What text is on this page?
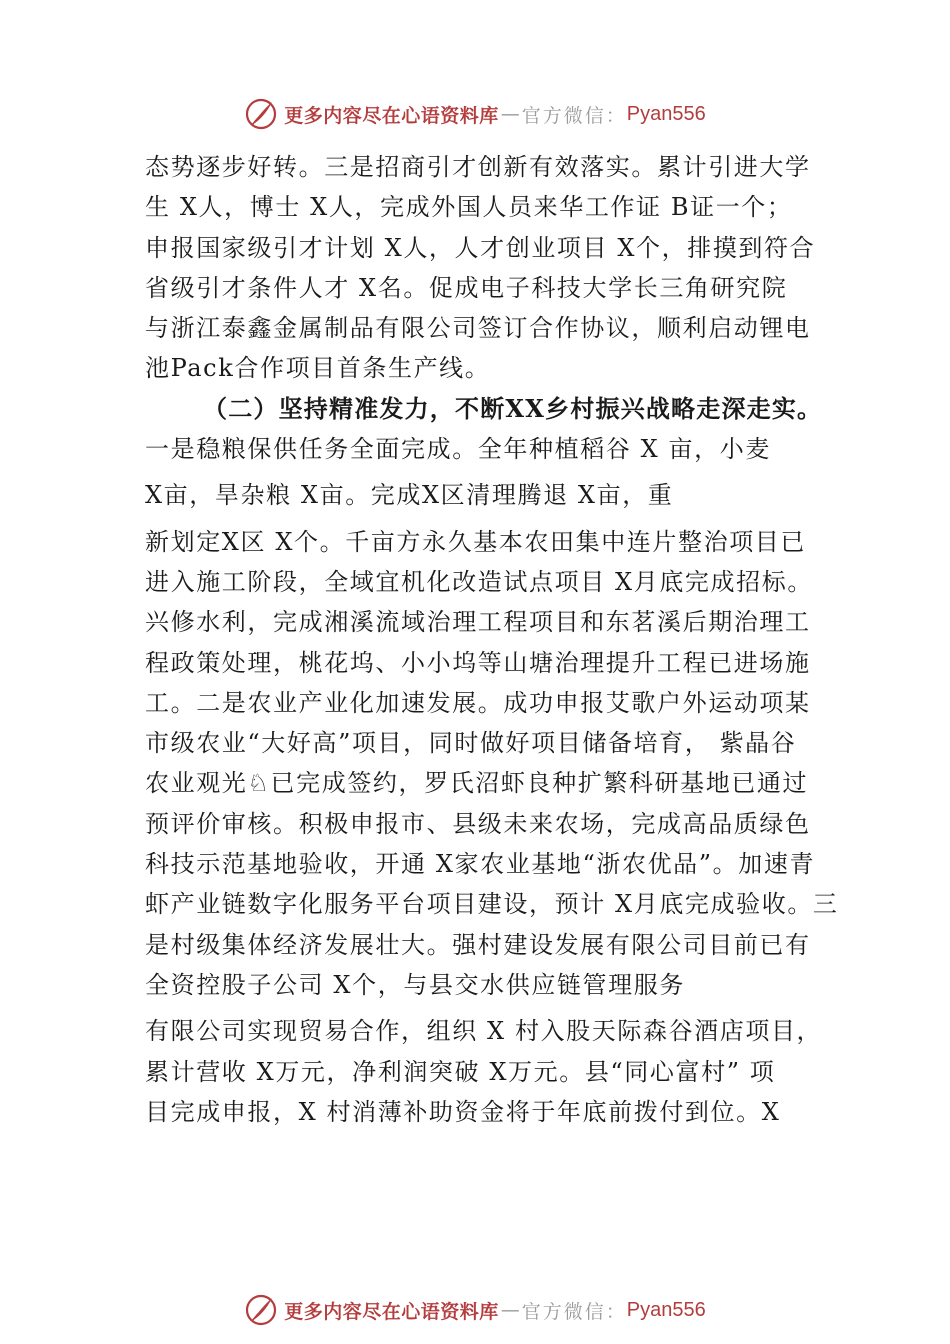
更多内容尽在心语资料库 — 官方微信： Pyan556
态势逐步好转。三是招商引才创新有效落实。累计引进大学
生 X人，博士 X人，完成外国人员来华工作证 B证一个；
申报国家级引才计划 X人，人才创业项目 X个，排摸到符合
省级引才条件人才 X名。促成电子科技大学长三角研究院
与浙江泰鑫金属制品有限公司签订合作协议，顺利启动锂电
池Pack合作项目首条生产线。
（二）坚持精准发力，不断XX乡村振兴战略走深走实。
一是稳粮保供任务全面完成。全年种植稻谷 X 亩，小麦
X亩，旱杂粮 X亩。完成X区清理腾退 X亩，重
新划定X区 X个。千亩方永久基本农田集中连片整治项目已
进入施工阶段，全域宜机化改造试点项目 X月底完成招标。
兴修水利，完成湘溪流域治理工程项目和东茗溪后期治理工
程政策处理，桃花坞、小小坞等山塘治理提升工程已进场施
工。二是农业产业化加速发展。成功申报艾歌户外运动项某
市级农业“大好高”项目，同时做好项目储备培育， 紫晶谷
农业观光♘已完成签约，罗氏沼虾良种扩繁科研基地已通过
预评价审核。积极申报市、县级未来农场，完成高品质绿色
科技示范基地验收，开通 X家农业基地“浙农优品”。加速青
虾产业链数字化服务平台项目建设，预计 X月底完成验收。三
是村级集体经济发展壮大。强村建设发展有限公司目前已有
全资控股子公司 X个，与县交水供应链管理服务
有限公司实现贸易合作，组织 X 村入股天际森谷酒店项目，
累计营收 X万元，净利润突破 X万元。县“同心富村” 项
目完成申报，X 村消薄补助资金将于年底前拨付到位。X
更多内容尽在心语资料库 — 官方微信： Pyan556
